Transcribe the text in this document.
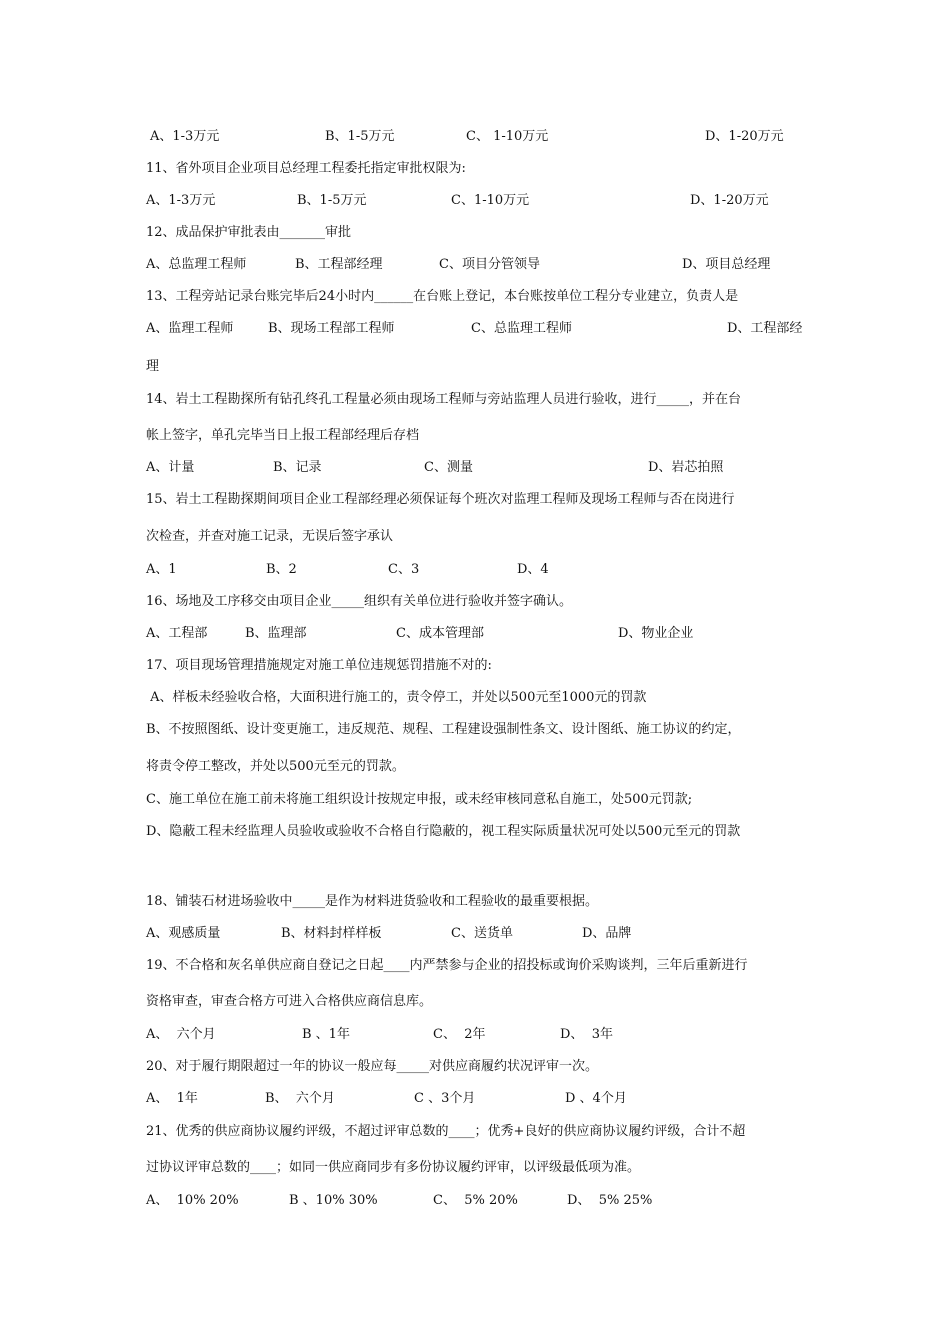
A、1-3万元	B、1-5万元	C、 1-10万元	D、1-20万元
11、省外项目企业项目总经理工程委托指定审批权限为:
A、1-3万元	B、1-5万元	C、1-10万元	D、1-20万元
12、成品保护审批表由_______审批
A、总监理工程师	B、工程部经理	C、项目分管领导	D、项目总经理
13、工程旁站记录台账完毕后24小时内______在台账上登记，本台账按单位工程分专业建立，负责人是
A、监理工程师	B、现场工程部工程师	C、总监理工程师	D、工程部经
理
14、岩土工程勘探所有钻孔终孔工程量必须由现场工程师与旁站监理人员进行验收，进行_____，并在台
帐上签字，单孔完毕当日上报工程部经理后存档
A、计量	B、记录	C、测量	D、岩芯拍照
15、岩土工程勘探期间项目企业工程部经理必须保证每个班次对监理工程师及现场工程师与否在岗进行
次检查，并查对施工记录，无误后签字承认
A、1	B、2	C、3	D、4
16、场地及工序移交由项目企业_____组织有关单位进行验收并签字确认。
A、工程部	B、监理部	C、成本管理部	D、物业企业
17、项目现场管理措施规定对施工单位违规惩罚措施不对的:
A、样板未经验收合格，大面积进行施工的，责令停工，并处以500元至1000元的罚款
B、不按照图纸、设计变更施工，违反规范、规程、工程建设强制性条文、设计图纸、施工协议的约定，
将责令停工整改，并处以500元至元的罚款。
C、施工单位在施工前未将施工组织设计按规定申报，或未经审核同意私自施工，处500元罚款;
D、隐蔽工程未经监理人员验收或验收不合格自行隐蔽的，视工程实际质量状况可处以500元至元的罚款
18、铺装石材进场验收中_____是作为材料进货验收和工程验收的最重要根据。
A、观感质量	B、材料封样样板	C、送货单	D、品牌
19、不合格和灰名单供应商自登记之日起____内严禁参与企业的招投标或询价采购谈判，三年后重新进行
资格审查，审查合格方可进入合格供应商信息库。
A、  六个月	B 、1年	C、  2年	D、  3年
20、对于履行期限超过一年的协议一般应每_____对供应商履约状况评审一次。
A、  1年	B、  六个月	C 、3个月	D 、4个月
21、优秀的供应商协议履约评级，不超过评审总数的____；优秀+良好的供应商协议履约评级，合计不超
过协议评审总数的____；如同一供应商同步有多份协议履约评审，以评级最低项为准。
A、  10% 20%	B 、10% 30%	C、  5% 20%	D、  5% 25%
